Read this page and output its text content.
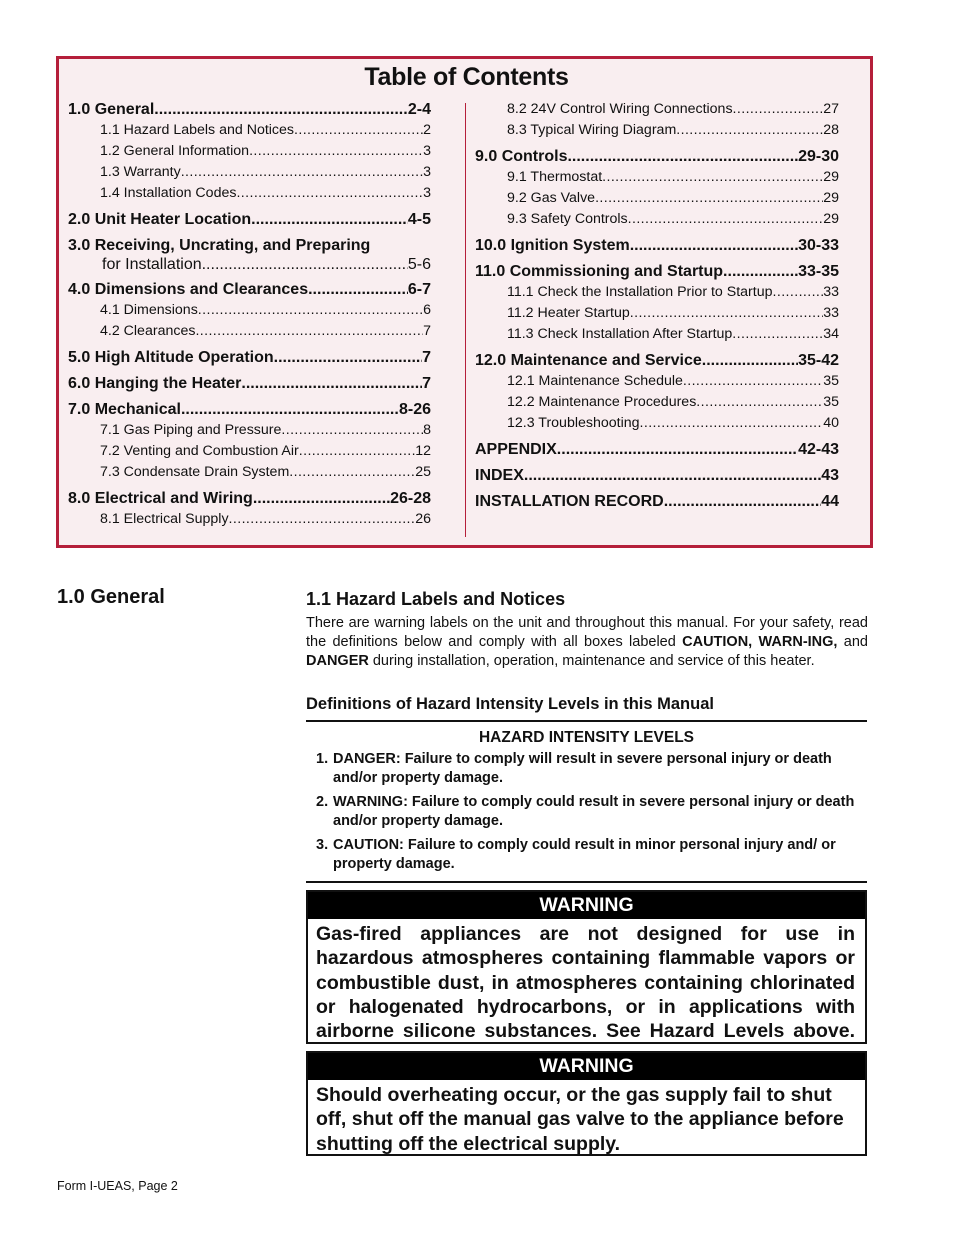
Table of Contents
1.0 General .....	2-4
1.1 Hazard Labels and Notices .....	2
1.2 General Information .....	3
1.3 Warranty .....	3
1.4 Installation Codes .....	3
2.0 Unit Heater Location .....	4-5
3.0 Receiving, Uncrating, and Preparing
for Installation .....	5-6
4.0 Dimensions and Clearances .....	6-7
4.1 Dimensions .....	6
4.2 Clearances .....	7
5.0 High Altitude Operation .....	7
6.0 Hanging the Heater .....	7
7.0 Mechanical .....	8-26
7.1 Gas Piping and Pressure .....	8
7.2 Venting and Combustion Air .....	12
7.3 Condensate Drain System .....	25
8.0 Electrical and Wiring .....	26-28
8.1 Electrical Supply .....	26
8.2 24V Control Wiring Connections .....	27
8.3 Typical Wiring Diagram .....	28
9.0 Controls .....	29-30
9.1 Thermostat .....	29
9.2 Gas Valve .....	29
9.3 Safety Controls .....	29
10.0 Ignition System .....	30-33
11.0 Commissioning and Startup .....	33-35
11.1 Check the Installation Prior to Startup .....	33
11.2 Heater Startup .....	33
11.3 Check Installation After Startup .....	34
12.0 Maintenance and Service .....	35-42
12.1 Maintenance Schedule .....	35
12.2 Maintenance Procedures .....	35
12.3 Troubleshooting .....	40
APPENDIX .....	42-43
INDEX .....	43
INSTALLATION RECORD .....	44
1.0 General	1.1 Hazard Labels and Notices
There are warning labels on the unit and throughout this manual. For your safety, read the definitions below and comply with all boxes labeled CAUTION, WARN-ING, and DANGER during installation, operation, maintenance and service of this heater.
Definitions of Hazard Intensity Levels in this Manual
HAZARD INTENSITY LEVELS
1. DANGER: Failure to comply will result in severe personal injury or death and/or property damage.
2. WARNING: Failure to comply could result in severe personal injury or death and/or property damage.
3. CAUTION: Failure to comply could result in minor personal injury and/ or property damage.
WARNING
Gas-fired appliances are not designed for use in hazardous atmospheres containing flammable vapors or combustible dust, in atmospheres containing chlorinated or halogenated hydrocarbons, or in applications with airborne silicone substances. See Hazard Levels above.
WARNING
Should overheating occur, or the gas supply fail to shut off, shut off the manual gas valve to the appliance before shutting off the electrical supply.
Form I-UEAS, Page 2
